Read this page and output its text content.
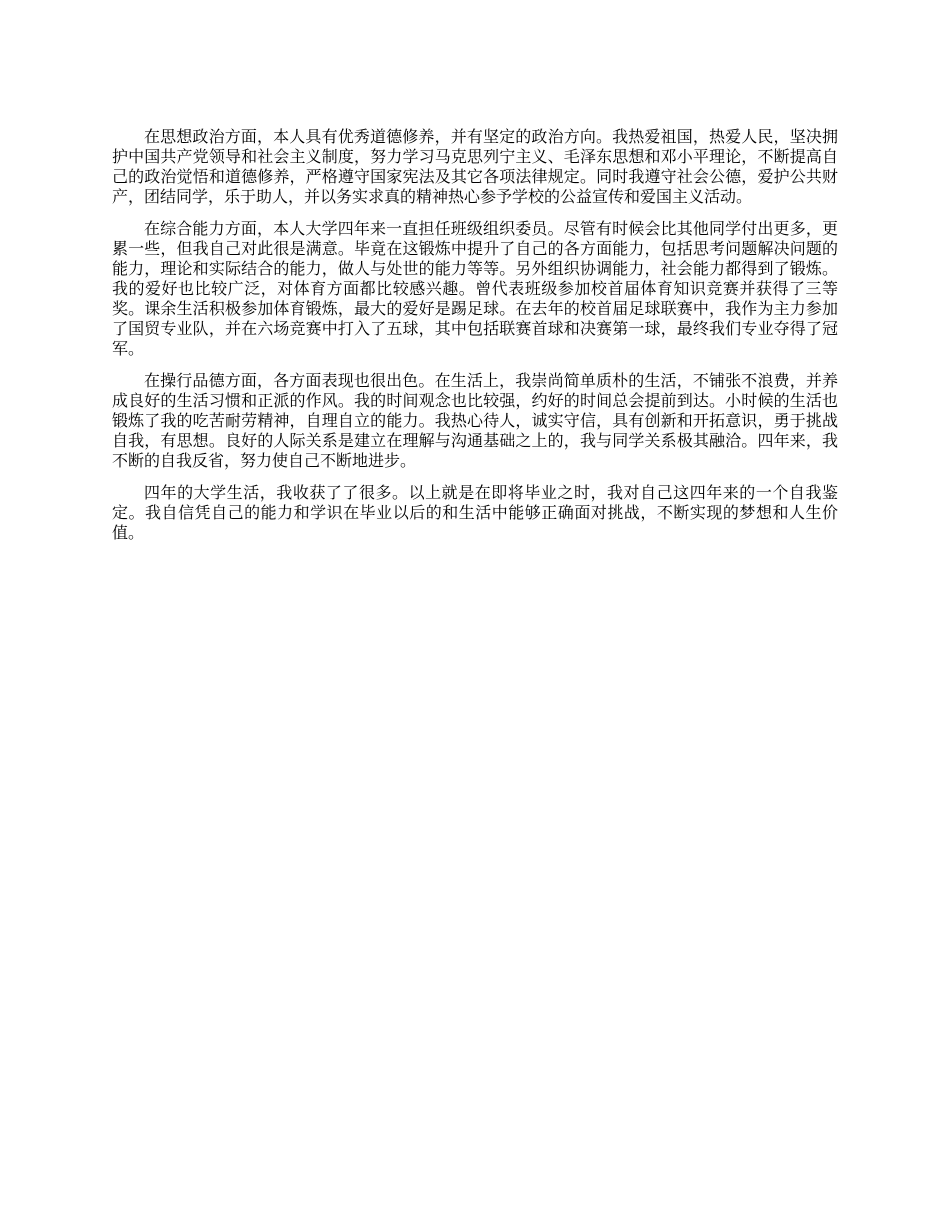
在思想政治方面，本人具有优秀道德修养，并有坚定的政治方向。我热爱祖国，热爱人民，坚决拥护中国共产党领导和社会主义制度，努力学习马克思列宁主义、毛泽东思想和邓小平理论，不断提高自己的政治觉悟和道德修养，严格遵守国家宪法及其它各项法律规定。同时我遵守社会公德，爱护公共财产，团结同学，乐于助人，并以务实求真的精神热心参予学校的公益宣传和爱国主义活动。

在综合能力方面，本人大学四年来一直担任班级组织委员。尽管有时候会比其他同学付出更多，更累一些，但我自己对此很是满意。毕竟在这锻炼中提升了自己的各方面能力，包括思考问题解决问题的能力，理论和实际结合的能力，做人与处世的能力等等。另外组织协调能力，社会能力都得到了锻炼。我的爱好也比较广泛，对体育方面都比较感兴趣。曾代表班级参加校首届体育知识竞赛并获得了三等奖。课余生活积极参加体育锻炼，最大的爱好是踢足球。在去年的校首届足球联赛中，我作为主力参加了国贸专业队，并在六场竞赛中打入了五球，其中包括联赛首球和决赛第一球，最终我们专业夺得了冠军。

在操行品德方面，各方面表现也很出色。在生活上，我崇尚简单质朴的生活，不铺张不浪费，并养成良好的生活习惯和正派的作风。我的时间观念也比较强，约好的时间总会提前到达。小时候的生活也锻炼了我的吃苦耐劳精神，自理自立的能力。我热心待人，诚实守信，具有创新和开拓意识，勇于挑战自我，有思想。良好的人际关系是建立在理解与沟通基础之上的，我与同学关系极其融洽。四年来，我不断的自我反省，努力使自己不断地进步。

四年的大学生活，我收获了了很多。以上就是在即将毕业之时，我对自己这四年来的一个自我鉴定。我自信凭自己的能力和学识在毕业以后的和生活中能够正确面对挑战，不断实现的梦想和人生价值。
